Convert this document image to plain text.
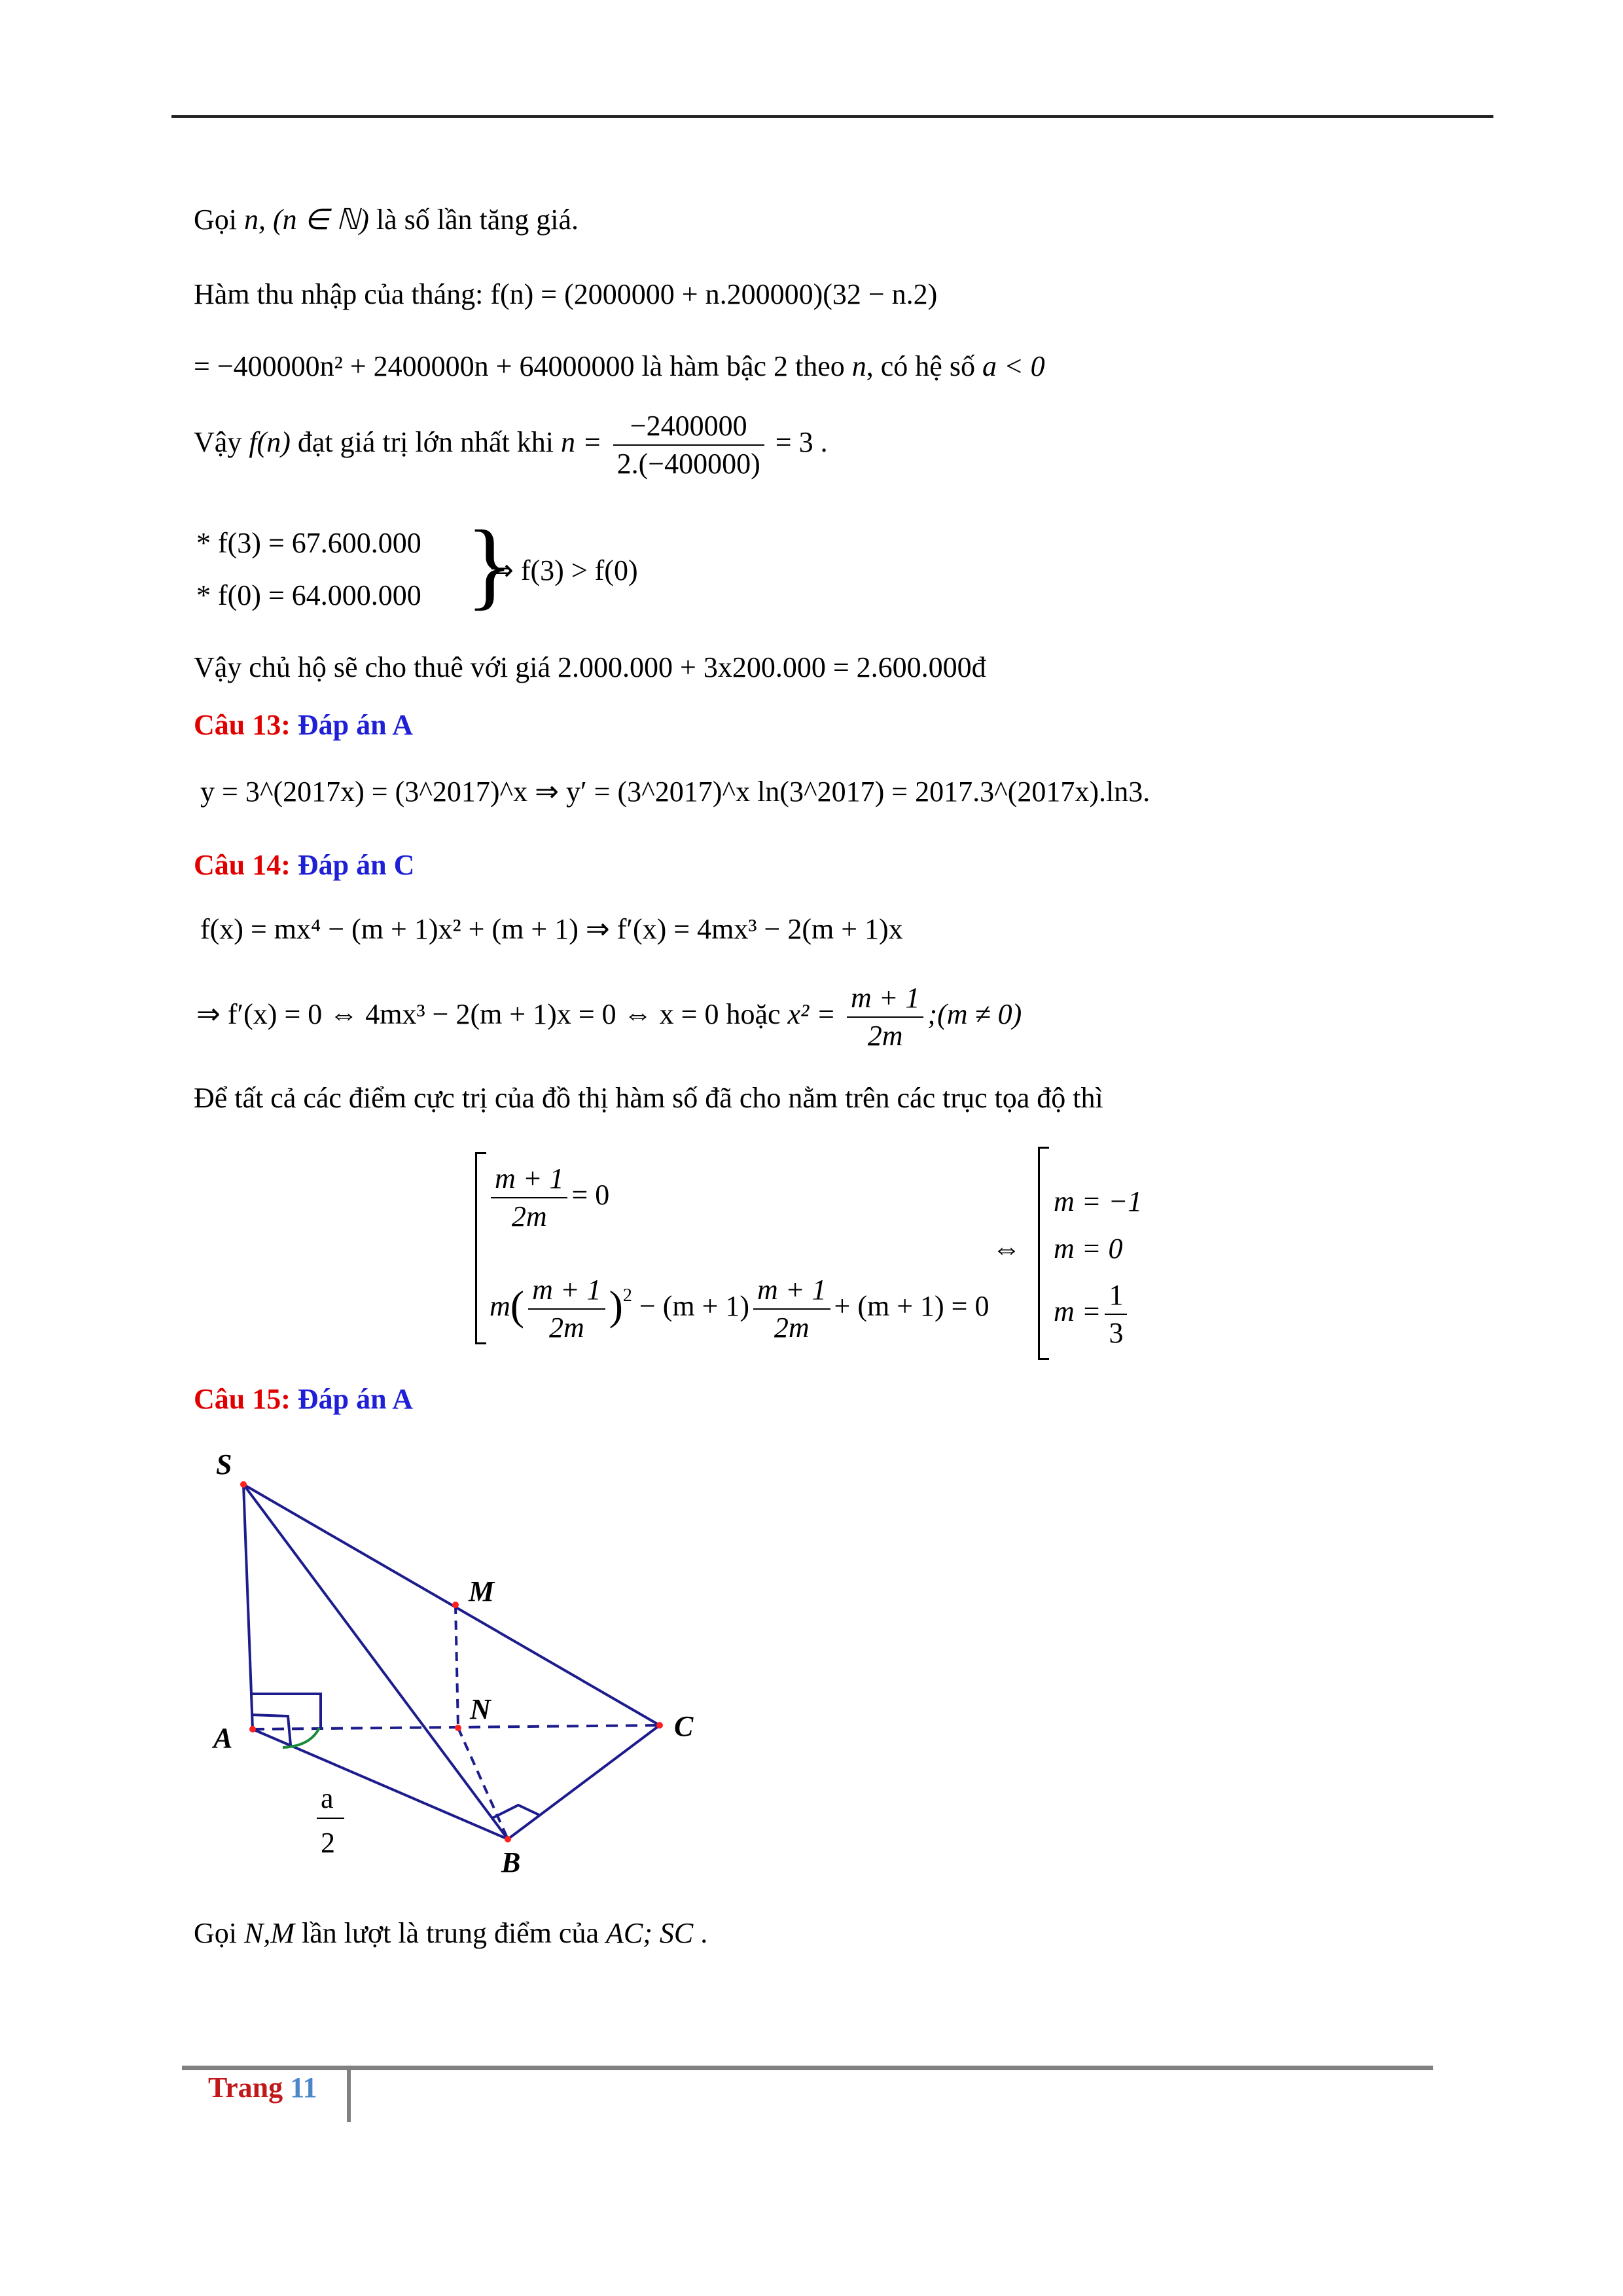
Gọi n, (n ∈ ℕ) là số lần tăng giá.
Hàm thu nhập của tháng: f(n) = (2000000 + n.200000)(32 − n.2)
= −400000n² + 2400000n + 64000000 là hàm bậc 2 theo n, có hệ số a < 0
Vậy f(n) đạt giá trị lớn nhất khi $n = \frac{-2400000}{2.(-400000)} = 3$ .
* f(3) = 67.600.000
* f(0) = 64.000.000 }
⇒ f(3) > f(0)
Vậy chủ hộ sẽ cho thuê với giá 2.000.000 + 3x200.000 = 2.600.000đ
Câu 13: Đáp án A
y = 3^(2017x) = (3^2017)^x ⇒ y′ = (3^2017)^x ln(3^2017) = 2017.3^(2017x).ln3.
Câu 14: Đáp án C
f(x) = mx⁴ − (m + 1)x² + (m + 1) ⇒ f′(x) = 4mx³ − 2(m + 1)x
⇒ f′(x) = 0 ⇔ 4mx³ − 2(m + 1)x = 0 ⇔ x = 0 hoặc $x^2 = \frac{m + 1}{2m}$ ;(m ≠ 0)
Để tất cả các điểm cực trị của đồ thị hàm số đã cho nằm trên các trục tọa độ thì
$\frac{m + 1}{2m} = 0$
$m( \frac{m + 1}{2m} )^2 - (m + 1) \frac{m + 1}{2m} + (m + 1) = 0$
⇔
m = −1
m = 0
$m = \frac{1}{3}$
Câu 15: Đáp án A
S
M
N
A	C
B
a
2
Gọi N,M lần lượt là trung điểm của AC; SC .
Trang 11
